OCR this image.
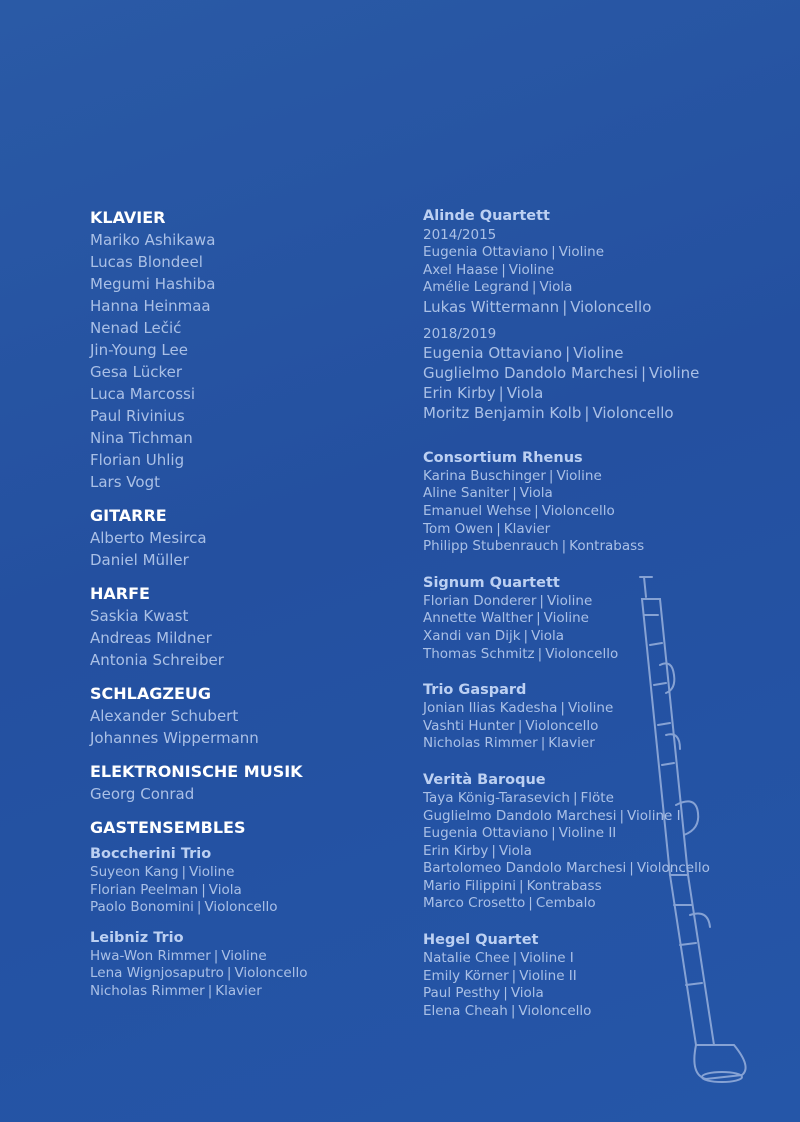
KLAVIER
Mariko Ashikawa
Lucas Blondeel
Megumi Hashiba
Hanna Heinmaa
Nenad Lečić
Jin-Young Lee
Gesa Lücker
Luca Marcossi
Paul Rivinius
Nina Tichman
Florian Uhlig
Lars Vogt
GITARRE
Alberto Mesirca
Daniel Müller
HARFE
Saskia Kwast
Andreas Mildner
Antonia Schreiber
SCHLAGZEUG
Alexander Schubert
Johannes Wippermann
ELEKTRONISCHE MUSIK
Georg Conrad
GASTENSEMBLES
Boccherini Trio
Suyeon Kang | Violine
Florian Peelman | Viola
Paolo Bonomini | Violoncello
Leibniz Trio
Hwa-Won Rimmer | Violine
Lena Wignjosaputro | Violoncello
Nicholas Rimmer | Klavier
Alinde Quartett
2014/2015
Eugenia Ottaviano | Violine
Axel Haase | Violine
Amélie Legrand | Viola
Lukas Wittermann | Violoncello
2018/2019
Eugenia Ottaviano | Violine
Guglielmo Dandolo Marchesi | Violine
Erin Kirby | Viola
Moritz Benjamin Kolb | Violoncello
Consortium Rhenus
Karina Buschinger | Violine
Aline Saniter | Viola
Emanuel Wehse | Violoncello
Tom Owen | Klavier
Philipp Stubenrauch | Kontrabass
Signum Quartett
Florian Donderer | Violine
Annette Walther | Violine
Xandi van Dijk | Viola
Thomas Schmitz | Violoncello
Trio Gaspard
Jonian Ilias Kadesha | Violine
Vashti Hunter | Violoncello
Nicholas Rimmer | Klavier
Verità Baroque
Taya König-Tarasevich | Flöte
Guglielmo Dandolo Marchesi | Violine I
Eugenia Ottaviano | Violine II
Erin Kirby | Viola
Bartolomeo Dandolo Marchesi | Violoncello
Mario Filippini | Kontrabass
Marco Crosetto | Cembalo
Hegel Quartet
Natalie Chee | Violine I
Emily Körner | Violine II
Paul Pesthy | Viola
Elena Cheah | Violoncello
